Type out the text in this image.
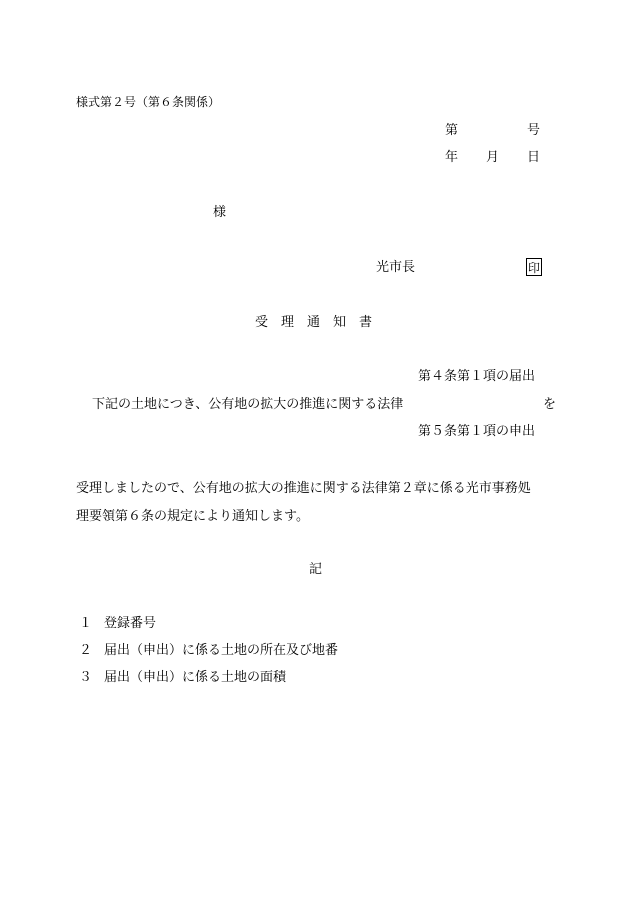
様式第２号（第６条関係）
第	号
年 月 日
様
光市長	印
受 理 通 知 書
第４条第１項の届出
下記の土地につき、公有地の拡大の推進に関する法律	を
第５条第１項の申出
受理しましたので、公有地の拡大の推進に関する法律第２章に係る光市事務処
理要領第６条の規定により通知します。
記
１ 登録番号
２ 届出（申出）に係る土地の所在及び地番
３ 届出（申出）に係る土地の面積
